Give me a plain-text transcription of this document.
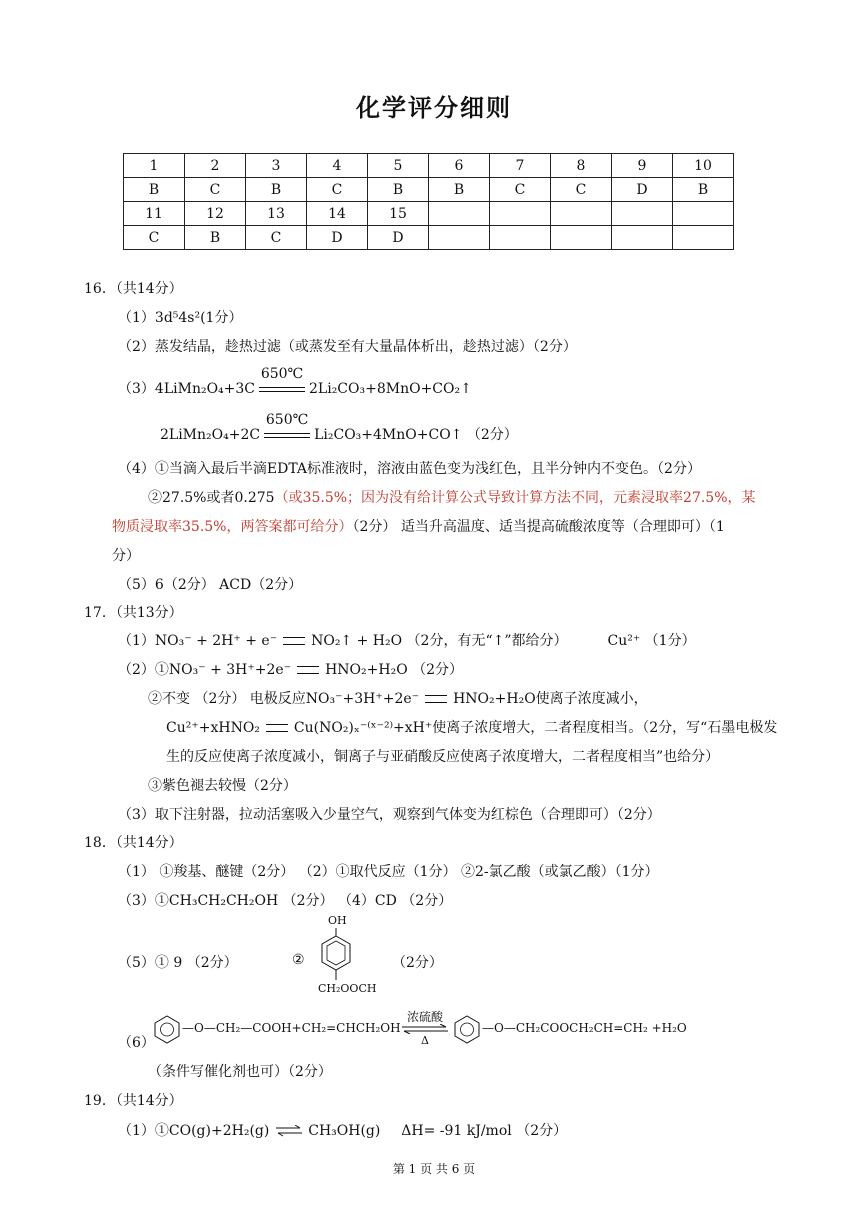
化学评分细则
1	2	3	4	5	6	7	8	9	10
B	C	B	C	B	B	C	C	D	B
11	12	13	14	15					
C	B	C	D	D					
16．（共14分）
（1）3d⁵4s²(1分）
（2）蒸发结晶，趁热过滤（或蒸发至有大量晶体析出，趁热过滤）（2分）
（3）4LiMn₂O₄+3C
650℃
2Li₂CO₃+8MnO+CO₂↑
2LiMn₂O₄+2C
650℃
Li₂CO₃+4MnO+CO↑ （2分）
（4）①当滴入最后半滴EDTA标准液时，溶液由蓝色变为浅红色，且半分钟内不变色。（2分）
②27.5%或者0.275（或35.5%；因为没有给计算公式导致计算方法不同，元素浸取率27.5%，某
物质浸取率35.5%，两答案都可给分）（2分） 适当升高温度、适当提高硫酸浓度等（合理即可）（1
分）
（5）6（2分） ACD（2分）
17．（共13分）
（1）NO₃⁻ + 2H⁺ + e⁻ NO₂↑ + H₂O （2分，有无“↑”都给分）	Cu²⁺ （1分）
（2）①NO₃⁻ + 3H⁺+2e⁻ HNO₂+H₂O （2分）
②不变 （2分） 电极反应NO₃⁻+3H⁺+2e⁻ HNO₂+H₂O使离子浓度减小，
Cu²⁺+xHNO₂ Cu(NO₂)ₓ⁻⁽ˣ⁻²⁾+xH⁺使离子浓度增大，二者程度相当。（2分，写“石墨电极发
生的反应使离子浓度减小，铜离子与亚硝酸反应使离子浓度增大，二者程度相当”也给分）
③紫色褪去较慢（2分）
（3）取下注射器，拉动活塞吸入少量空气，观察到气体变为红棕色（合理即可）（2分）
18．（共14分）
（1） ①羧基、醚键（2分） （2）①取代反应（1分） ②2-氯乙酸（或氯乙酸）（1分）
（3）①CH₃CH₂CH₂OH （2分） （4）CD （2分）
（5）① 9 （2分）	②
OH
CH₂OOCH
（2分）
（6）
—O—CH₂—COOH+CH₂=CHCH₂OH
浓硫酸
Δ
—O—CH₂COOCH₂CH=CH₂ +H₂O
（条件写催化剂也可）（2分）
19．（共14分）
（1）①CO(g)+2H₂(g) ⇌ CH₃OH(g) ΔH= -91 kJ/mol （2分）
第 1 页 共 6 页
